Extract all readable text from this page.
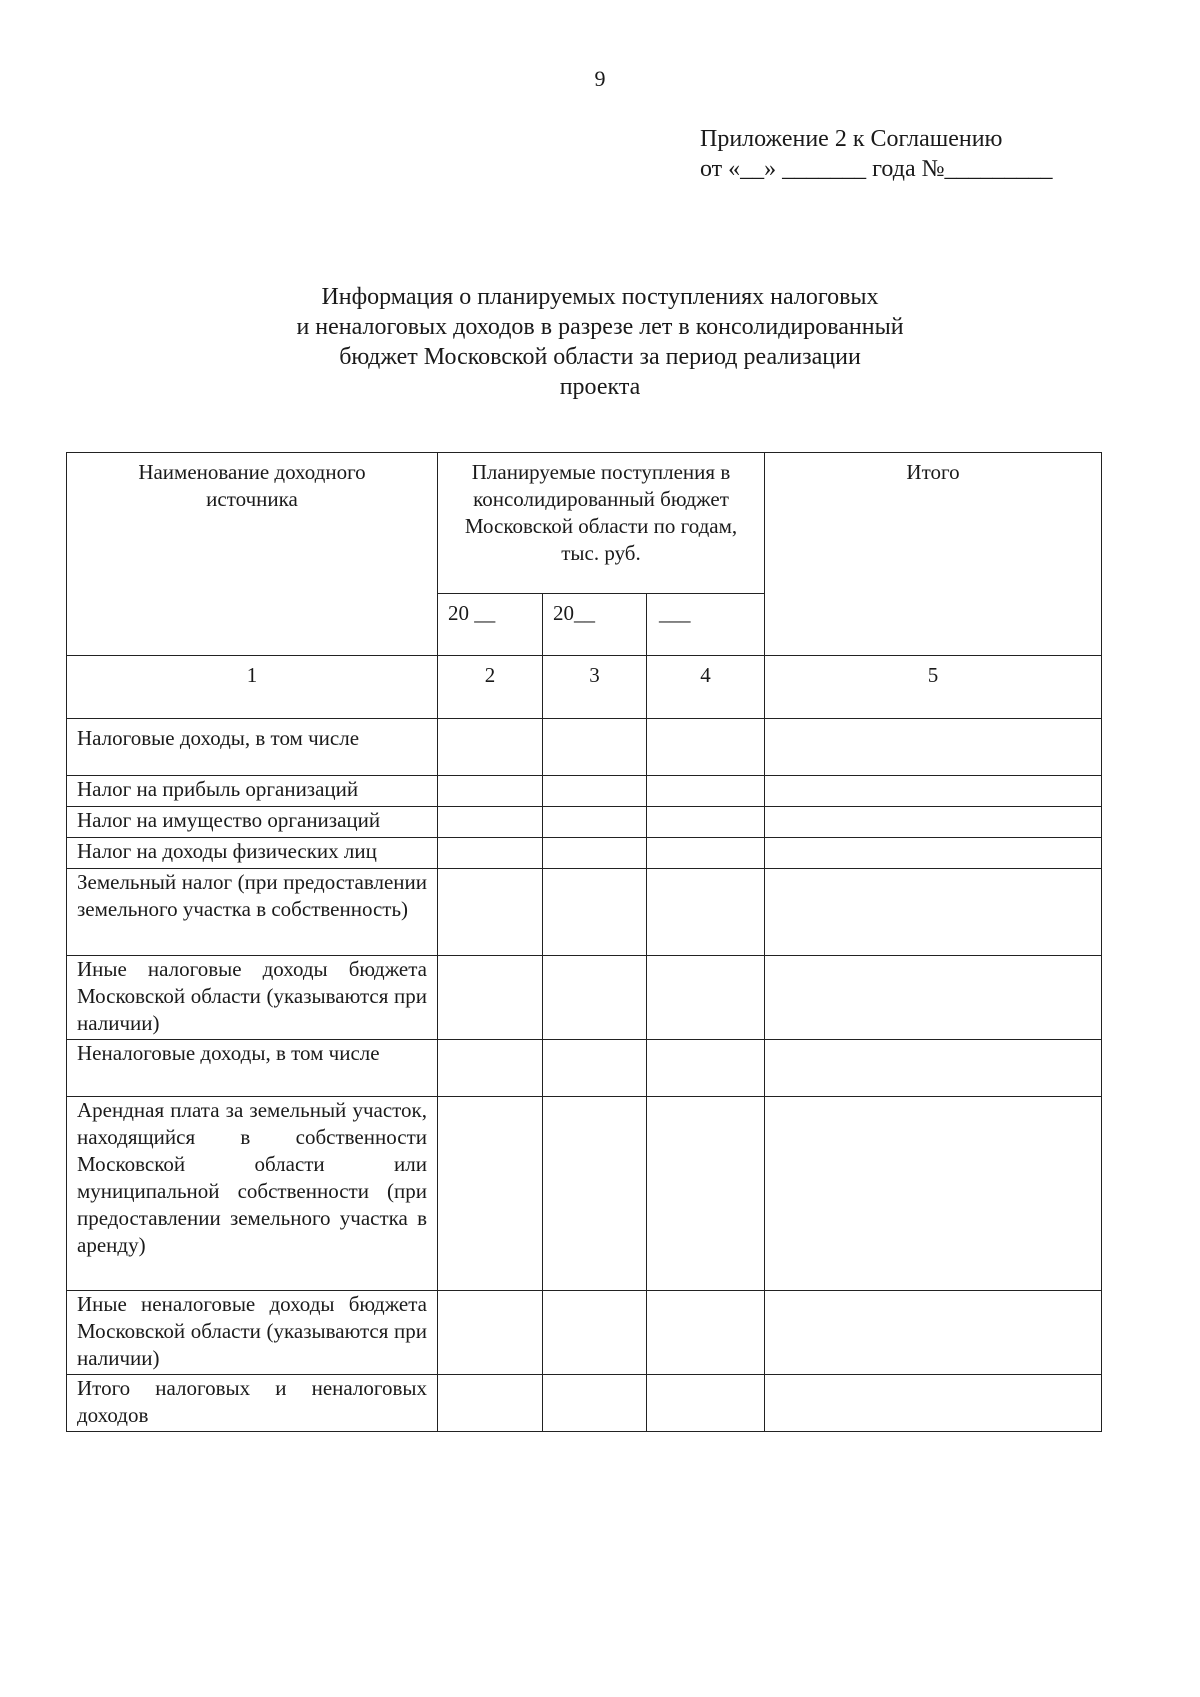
9
Приложение 2 к Соглашению
от «__» _______ года №_________
Информация о планируемых поступлениях налоговых
и неналоговых доходов в разрезе лет в консолидированный
бюджет Московской области за период реализации
проекта
Наименование доходного источника	Планируемые поступления в консолидированный бюджет Московской области по годам, тыс. руб.			Итого

	20 __	20__	___	
1	2	3	4	5
Налоговые доходы, в том числе				
Налог на прибыль организаций				
Налог на имущество организаций				
Налог на доходы физических лиц				
Земельный налог (при предоставлении земельного участка в собственность)				
Иные налоговые доходы бюджета Московской области (указываются при наличии)				
Неналоговые доходы, в том числе				
Арендная плата за земельный участок, находящийся в собственности Московской области или муниципальной собственности (при предоставлении земельного участка в аренду)				
Иные неналоговые доходы бюджета Московской области (указываются при наличии)				
Итого налоговых и неналоговых доходов				
